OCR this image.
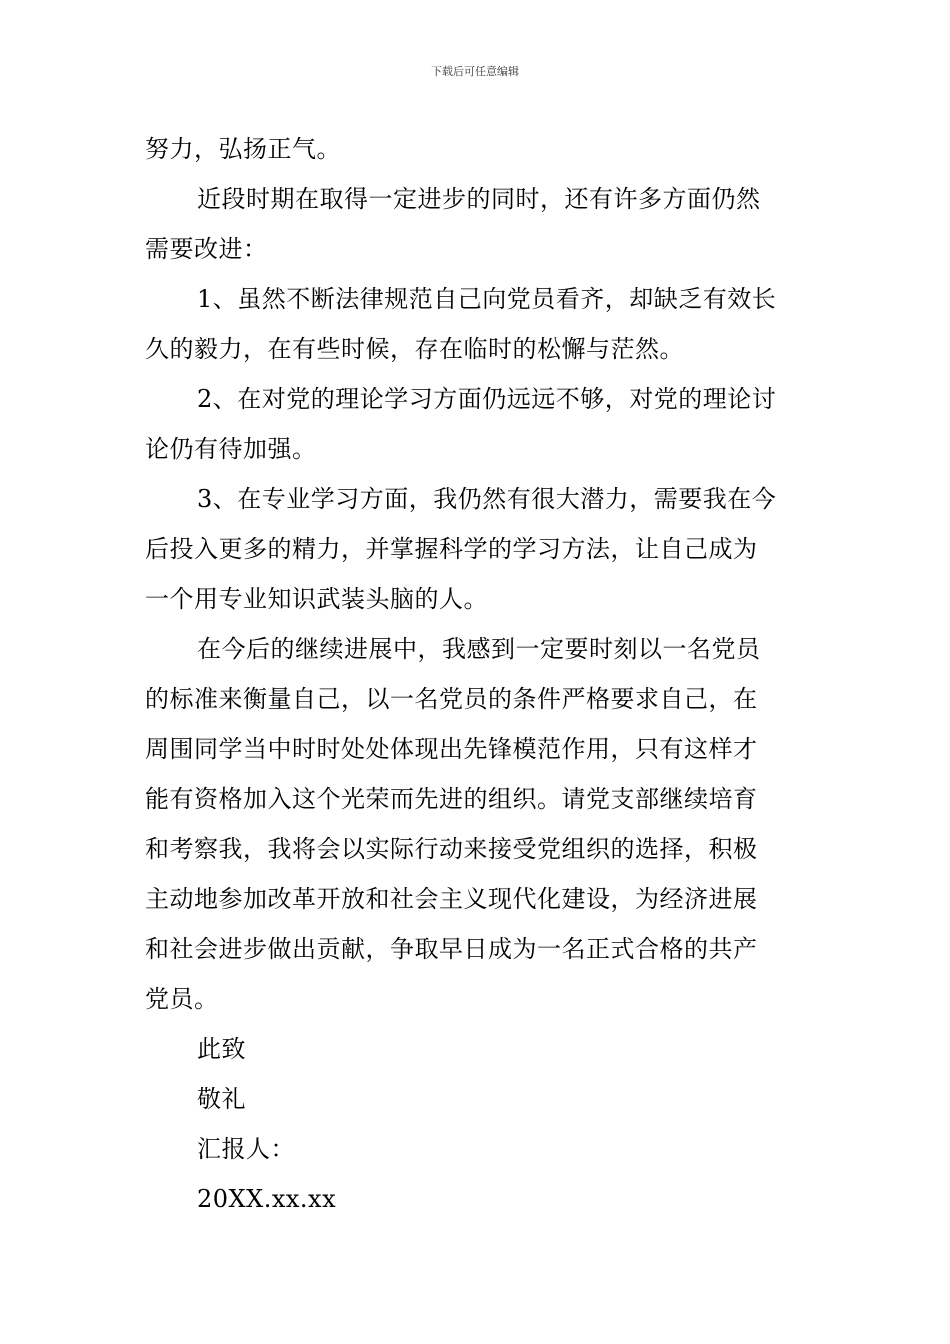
下载后可任意编辑
努力，弘扬正气。
近段时期在取得一定进步的同时，还有许多方面仍然
需要改进：
1、虽然不断法律规范自己向党员看齐，却缺乏有效长
久的毅力，在有些时候，存在临时的松懈与茫然。
2、在对党的理论学习方面仍远远不够，对党的理论讨
论仍有待加强。
3、在专业学习方面，我仍然有很大潜力，需要我在今
后投入更多的精力，并掌握科学的学习方法，让自己成为
一个用专业知识武装头脑的人。
在今后的继续进展中，我感到一定要时刻以一名党员
的标准来衡量自己，以一名党员的条件严格要求自己，在
周围同学当中时时处处体现出先锋模范作用，只有这样才
能有资格加入这个光荣而先进的组织。请党支部继续培育
和考察我，我将会以实际行动来接受党组织的选择，积极
主动地参加改革开放和社会主义现代化建设，为经济进展
和社会进步做出贡献，争取早日成为一名正式合格的共产
党员。
此致
敬礼
汇报人：
20XX.xx.xx
